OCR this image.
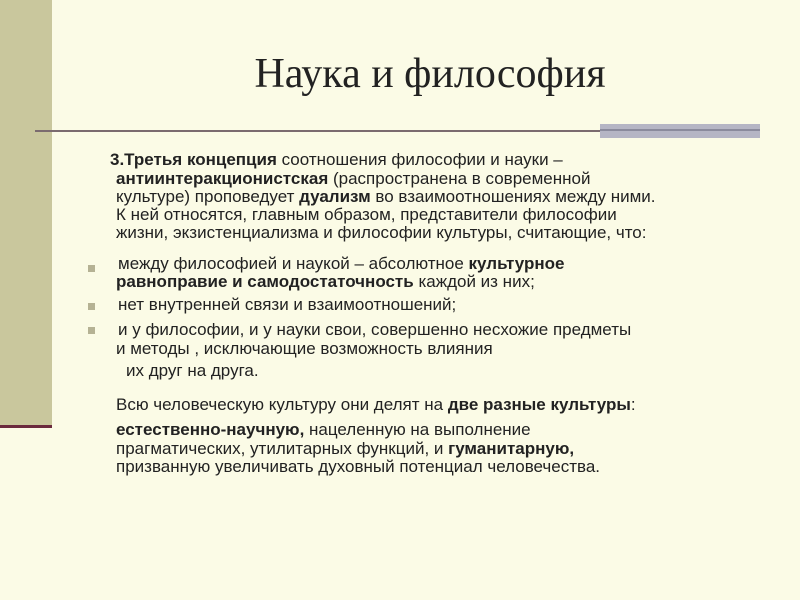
Наука и философия

3.Третья концепция соотношения философии и науки –

антиинтеракционистская (распространена в современной

культуре) проповедует дуализм во взаимоотношениях между ними.

К ней относятся, главным образом, представители философии

жизни, экзистенциализма и философии культуры, считающие, что:

между философией и наукой – абсолютное культурное

равноправие и самодостаточность каждой из них;

нет внутренней связи и взаимоотношений;

и у философии, и у науки свои, совершенно несхожие предметы

и методы , исключающие возможность влияния

их друг на друга.

Всю человеческую культуру они делят на две разные культуры:

естественно-научную, нацеленную на выполнение

прагматических, утилитарных функций, и гуманитарную,

призванную увеличивать духовный потенциал человечества.
